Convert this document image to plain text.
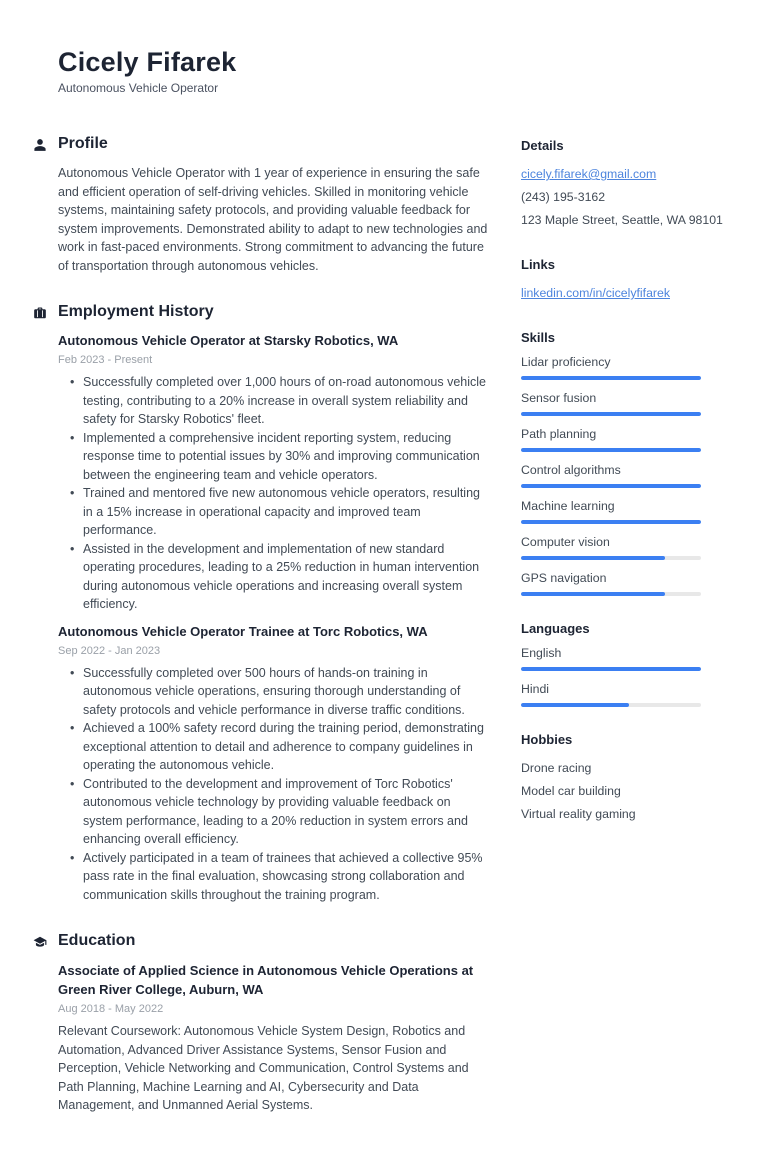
Cicely Fifarek
Autonomous Vehicle Operator
Profile
Autonomous Vehicle Operator with 1 year of experience in ensuring the safe and efficient operation of self-driving vehicles. Skilled in monitoring vehicle systems, maintaining safety protocols, and providing valuable feedback for system improvements. Demonstrated ability to adapt to new technologies and work in fast-paced environments. Strong commitment to advancing the future of transportation through autonomous vehicles.
Employment History
Autonomous Vehicle Operator at Starsky Robotics, WA
Feb 2023 - Present
• Successfully completed over 1,000 hours of on-road autonomous vehicle testing, contributing to a 20% increase in overall system reliability and safety for Starsky Robotics' fleet.
• Implemented a comprehensive incident reporting system, reducing response time to potential issues by 30% and improving communication between the engineering team and vehicle operators.
• Trained and mentored five new autonomous vehicle operators, resulting in a 15% increase in operational capacity and improved team performance.
• Assisted in the development and implementation of new standard operating procedures, leading to a 25% reduction in human intervention during autonomous vehicle operations and increasing overall system efficiency.
Autonomous Vehicle Operator Trainee at Torc Robotics, WA
Sep 2022 - Jan 2023
• Successfully completed over 500 hours of hands-on training in autonomous vehicle operations, ensuring thorough understanding of safety protocols and vehicle performance in diverse traffic conditions.
• Achieved a 100% safety record during the training period, demonstrating exceptional attention to detail and adherence to company guidelines in operating the autonomous vehicle.
• Contributed to the development and improvement of Torc Robotics' autonomous vehicle technology by providing valuable feedback on system performance, leading to a 20% reduction in system errors and enhancing overall efficiency.
• Actively participated in a team of trainees that achieved a collective 95% pass rate in the final evaluation, showcasing strong collaboration and communication skills throughout the training program.
Education
Associate of Applied Science in Autonomous Vehicle Operations at Green River College, Auburn, WA
Aug 2018 - May 2022
Relevant Coursework: Autonomous Vehicle System Design, Robotics and Automation, Advanced Driver Assistance Systems, Sensor Fusion and Perception, Vehicle Networking and Communication, Control Systems and Path Planning, Machine Learning and AI, Cybersecurity and Data Management, and Unmanned Aerial Systems.
Details
cicely.fifarek@gmail.com
(243) 195-3162
123 Maple Street, Seattle, WA 98101
Links
linkedin.com/in/cicelyfifarek
Skills
Lidar proficiency
Sensor fusion
Path planning
Control algorithms
Machine learning
Computer vision
GPS navigation
Languages
English
Hindi
Hobbies
Drone racing
Model car building
Virtual reality gaming
